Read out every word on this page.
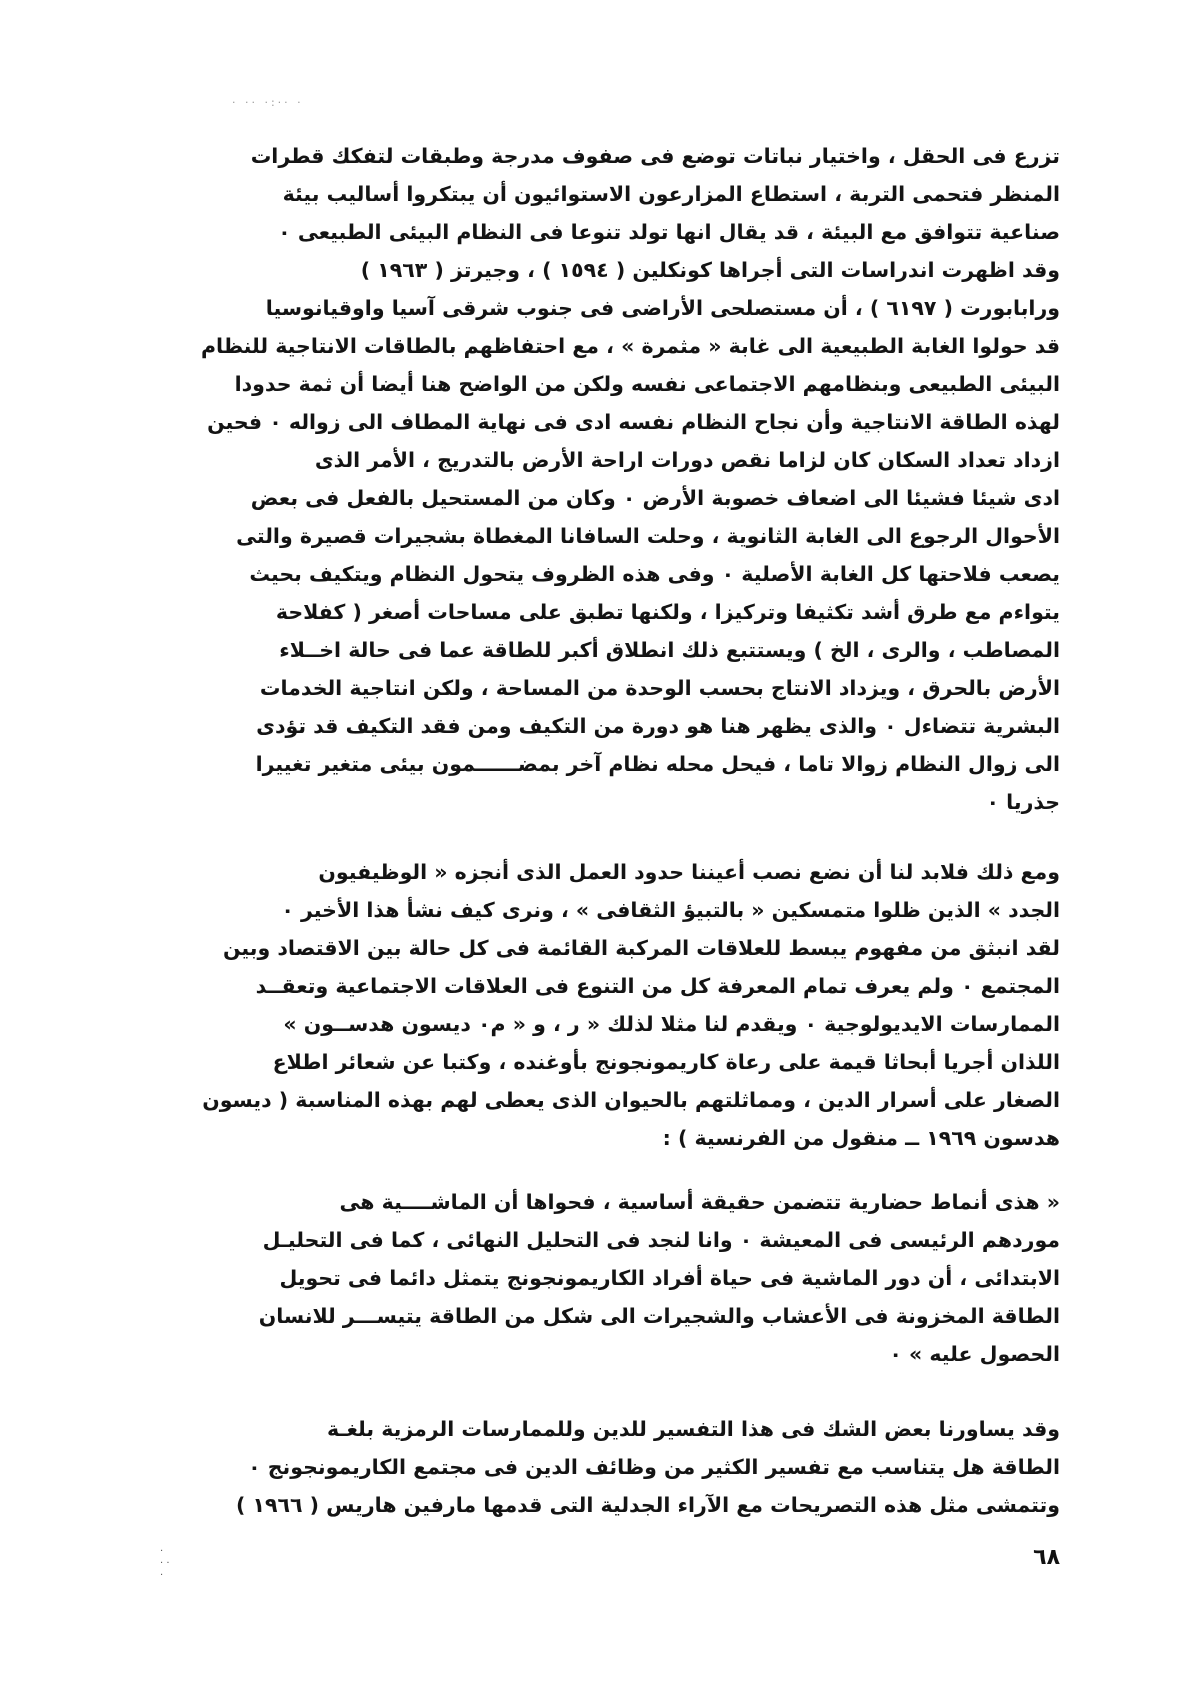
· ·· ·:·· ·
تزرع فى الحقل ، واختيار نباتات توضع فى صفوف مدرجة وطبقات لتفكك قطرات
المنظر فتحمى التربة ، استطاع المزارعون الاستوائيون أن يبتكروا أساليب بيئة
صناعية تتوافق مع البيئة ، قد يقال انها تولد تنوعا فى النظام البيئى الطبيعى ٠
وقد اظهرت اندراسات التى أجراها كونكلين ( ١٥٩٤ ) ، وجيرتز ( ١٩٦٣ )
ورابابورت ( ٦١٩٧ ) ، أن مستصلحى الأراضى فى جنوب شرقى آسيا واوقيانوسيا
قد حولوا الغابة الطبيعية الى غابة « مثمرة » ، مع احتفاظهم بالطاقات الانتاجية للنظام
البيئى الطبيعى وبنظامهم الاجتماعى نفسه ولكن من الواضح هنا أيضا أن ثمة حدودا
لهذه الطاقة الانتاجية وأن نجاح النظام نفسه ادى فى نهاية المطاف الى زواله ٠ فحين
ازداد تعداد السكان كان لزاما نقص دورات اراحة الأرض بالتدريج ، الأمر الذى
ادى شيئا فشيئا الى اضعاف خصوبة الأرض ٠ وكان من المستحيل بالفعل فى بعض
الأحوال الرجوع الى الغابة الثانوية ، وحلت السافانا المغطاة بشجيرات قصيرة والتى
يصعب فلاحتها كل الغابة الأصلية ٠ وفى هذه الظروف يتحول النظام ويتكيف بحيث
يتواءم مع طرق أشد تكثيفا وتركيزا ، ولكنها تطبق على مساحات أصغر ( كفلاحة
المصاطب ، والرى ، الخ ) ويستتبع ذلك انطلاق أكبر للطاقة عما فى حالة اخــلاء
الأرض بالحرق ، ويزداد الانتاج بحسب الوحدة من المساحة ، ولكن انتاجية الخدمات
البشرية تتضاءل ٠ والذى يظهر هنا هو دورة من التكيف ومن فقد التكيف قد تؤدى
الى زوال النظام زوالا تاما ، فيحل محله نظام آخر بمضــــــمون بيئى متغير تغييرا
جذريا ٠
ومع ذلك فلابد لنا أن نضع نصب أعيننا حدود العمل الذى أنجزه « الوظيفيون
الجدد » الذين ظلوا متمسكين « بالتبيؤ الثقافى » ، ونرى كيف نشأ هذا الأخير ٠
لقد انبثق من مفهوم يبسط للعلاقات المركبة القائمة فى كل حالة بين الاقتصاد وبين
المجتمع ٠ ولم يعرف تمام المعرفة كل من التنوع فى العلاقات الاجتماعية وتعقــد
الممارسات الايديولوجية ٠ ويقدم لنا مثلا لذلك « ر ، و « م٠ ديسون هدســون »
اللذان أجريا أبحاثا قيمة على رعاة كاريمونجونج بأوغنده ، وكتبا عن شعائر اطلاع
الصغار على أسرار الدين ، ومماثلتهم بالحيوان الذى يعطى لهم بهذه المناسبة ( ديسون
هدسون ١٩٦٩ ــ منقول من الفرنسية ) :
« هذى أنماط حضارية تتضمن حقيقة أساسية ، فحواها أن الماشــــية هى
موردهم الرئيسى فى المعيشة ٠ وانا لنجد فى التحليل النهائى ، كما فى التحليـل
الابتدائى ، أن دور الماشية فى حياة أفراد الكاريمونجونج يتمثل دائما فى تحويل
الطاقة المخزونة فى الأعشاب والشجيرات الى شكل من الطاقة يتيســـر للانسان
الحصول عليه » ٠
وقد يساورنا بعض الشك فى هذا التفسير للدين وللممارسات الرمزية بلغـة
الطاقة هل يتناسب مع تفسير الكثير من وظائف الدين فى مجتمع الكاريمونجونج ٠
وتتمشى مثل هذه التصريحات مع الآراء الجدلية التى قدمها مارفين هاريس ( ١٩٦٦ )
٦٨
·
· ·
·
